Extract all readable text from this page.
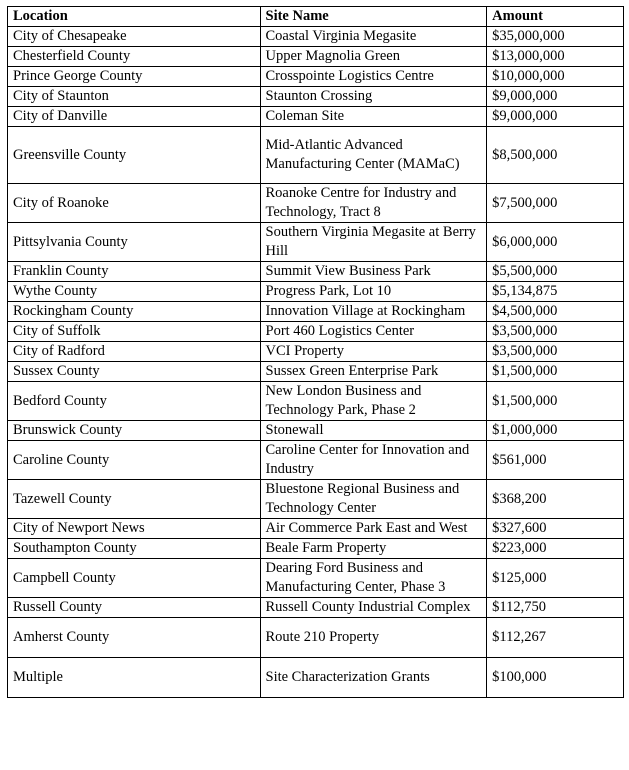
Location	Site Name	Amount
City of Chesapeake	Coastal Virginia Megasite	$35,000,000
Chesterfield County	Upper Magnolia Green	$13,000,000
Prince George County	Crosspointe Logistics Centre	$10,000,000
City of Staunton	Staunton Crossing	$9,000,000
City of Danville	Coleman Site	$9,000,000
Greensville County	Mid-Atlantic Advanced Manufacturing Center (MAMaC)	$8,500,000
City of Roanoke	Roanoke Centre for Industry and Technology, Tract 8	$7,500,000
Pittsylvania County	Southern Virginia Megasite at Berry Hill	$6,000,000
Franklin County	Summit View Business Park	$5,500,000
Wythe County	Progress Park, Lot 10	$5,134,875
Rockingham County	Innovation Village at Rockingham	$4,500,000
City of Suffolk	Port 460 Logistics Center	$3,500,000
City of Radford	VCI Property	$3,500,000
Sussex County	Sussex Green Enterprise Park	$1,500,000
Bedford County	New London Business and Technology Park, Phase 2	$1,500,000
Brunswick County	Stonewall	$1,000,000
Caroline County	Caroline Center for Innovation and Industry	$561,000
Tazewell County	Bluestone Regional Business and Technology Center	$368,200
City of Newport News	Air Commerce Park East and West	$327,600
Southampton County	Beale Farm Property	$223,000
Campbell County	Dearing Ford Business and Manufacturing Center, Phase 3	$125,000
Russell County	Russell County Industrial Complex	$112,750
Amherst County	Route 210 Property	$112,267
Multiple	Site Characterization Grants	$100,000
